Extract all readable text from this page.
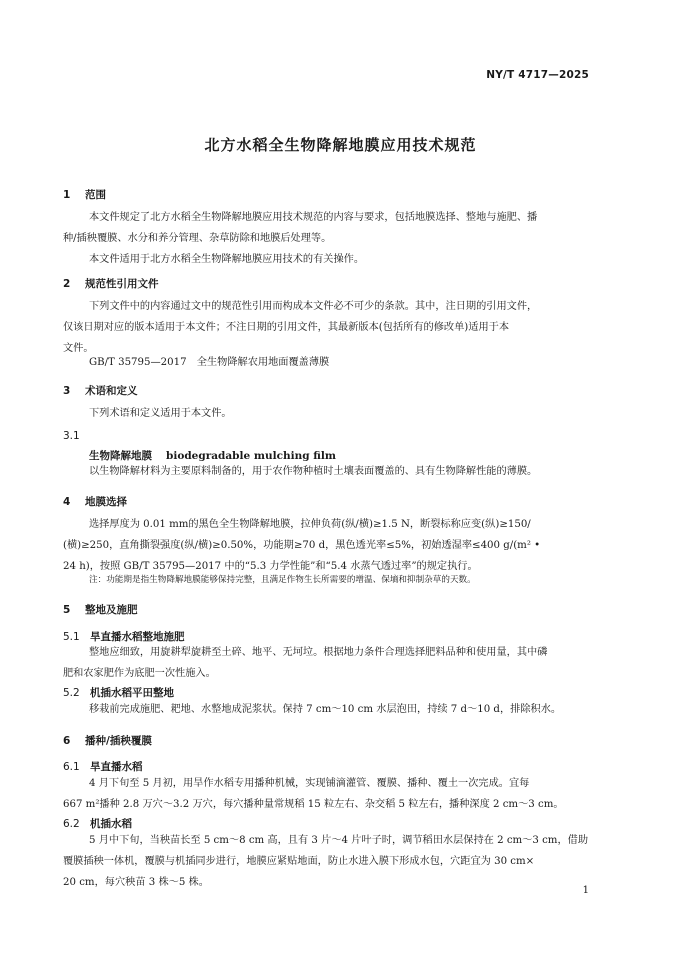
NY/T 4717—2025
北方水稻全生物降解地膜应用技术规范
1 范围
本文件规定了北方水稻全生物降解地膜应用技术规范的内容与要求，包括地膜选择、整地与施肥、播
种/插秧覆膜、水分和养分管理、杂草防除和地膜后处理等。
本文件适用于北方水稻全生物降解地膜应用技术的有关操作。
2 规范性引用文件
下列文件中的内容通过文中的规范性引用而构成本文件必不可少的条款。其中，注日期的引用文件，
仅该日期对应的版本适用于本文件；不注日期的引用文件，其最新版本(包括所有的修改单)适用于本
文件。
GB/T 35795—2017　全生物降解农用地面覆盖薄膜
3 术语和定义
下列术语和定义适用于本文件。
3.1
生物降解地膜 biodegradable mulching film
以生物降解材料为主要原料制备的，用于农作物种植时土壤表面覆盖的、具有生物降解性能的薄膜。
4 地膜选择
选择厚度为 0.01 mm的黑色全生物降解地膜，拉伸负荷(纵/横)≥1.5 N，断裂标称应变(纵)≥150/
(横)≥250，直角撕裂强度(纵/横)≥0.50%，功能期≥70 d，黑色透光率≤5%，初始透湿率≤400 g/(m² •
24 h)，按照 GB/T 35795—2017 中的“5.3 力学性能”和“5.4 水蒸气透过率”的规定执行。
注：功能期是指生物降解地膜能够保持完整，且满足作物生长所需要的增温、保墒和抑制杂草的天数。
5 整地及施肥
5.1 旱直播水稻整地施肥
整地应细致，用旋耕犁旋耕至土碎、地平、无坷垃。根据地力条件合理选择肥料品种和使用量，其中磷
肥和农家肥作为底肥一次性施入。
5.2 机插水稻平田整地
移栽前完成施肥、耙地、水整地成泥浆状。保持 7 cm～10 cm 水层泡田，持续 7 d～10 d，排除积水。
6 播种/插秧覆膜
6.1 旱直播水稻
4 月下旬至 5 月初，用旱作水稻专用播种机械，实现铺滴灌管、覆膜、播种、覆土一次完成。宜每
667 m²播种 2.8 万穴～3.2 万穴，每穴播种量常规稻 15 粒左右、杂交稻 5 粒左右，播种深度 2 cm～3 cm。
6.2 机插水稻
5 月中下旬，当秧苗长至 5 cm～8 cm 高，且有 3 片～4 片叶子时，调节稻田水层保持在 2 cm～3 cm，借助
覆膜插秧一体机，覆膜与机插同步进行，地膜应紧贴地面，防止水进入膜下形成水包，穴距宜为 30 cm×
20 cm，每穴秧苗 3 株～5 株。
1
